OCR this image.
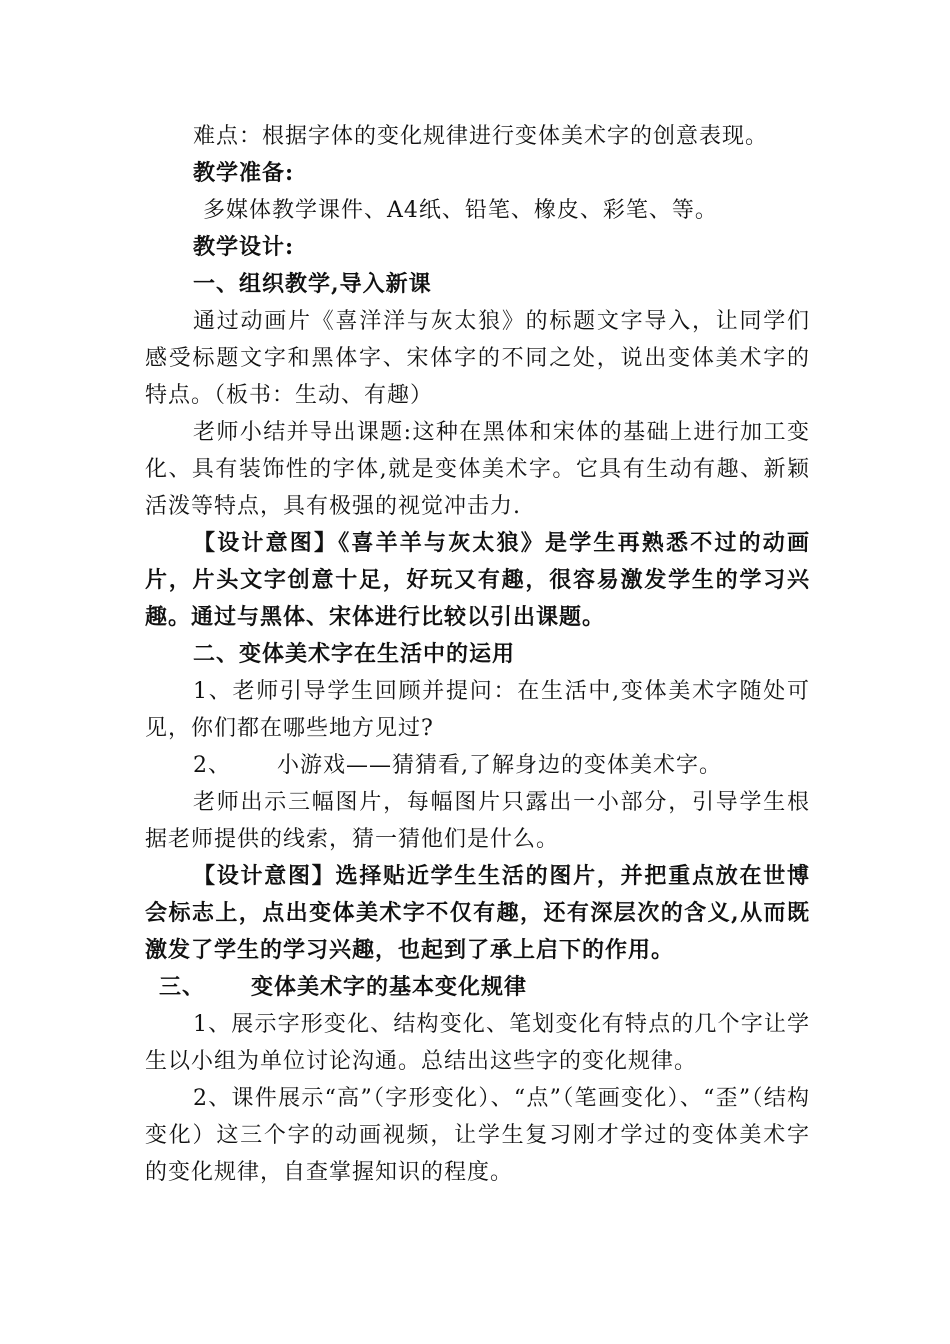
难点：根据字体的变化规律进行变体美术字的创意表现。

教学准备:

多媒体教学课件、A4纸、铅笔、橡皮、彩笔、等。

教学设计:

一、组织教学,导入新课

通过动画片《喜洋洋与灰太狼》的标题文字导入，让同学们感受标题文字和黑体字、宋体字的不同之处，说出变体美术字的特点。（板书：生动、有趣）

老师小结并导出课题:这种在黑体和宋体的基础上进行加工变化、具有装饰性的字体,就是变体美术字。它具有生动有趣、新颖活泼等特点，具有极强的视觉冲击力.

【设计意图】《喜羊羊与灰太狼》是学生再熟悉不过的动画片，片头文字创意十足，好玩又有趣，很容易激发学生的学习兴趣。通过与黑体、宋体进行比较以引出课题。

二、变体美术字在生活中的运用

1、老师引导学生回顾并提问：在生活中,变体美术字随处可见，你们都在哪些地方见过?

2、 小游戏——猜猜看,了解身边的变体美术字。

老师出示三幅图片，每幅图片只露出一小部分，引导学生根据老师提供的线索，猜一猜他们是什么。

【设计意图】选择贴近学生生活的图片，并把重点放在世博会标志上，点出变体美术字不仅有趣，还有深层次的含义,从而既激发了学生的学习兴趣，也起到了承上启下的作用。

三、 变体美术字的基本变化规律

1、展示字形变化、结构变化、笔划变化有特点的几个字让学生以小组为单位讨论沟通。总结出这些字的变化规律。

2、课件展示“高”（字形变化）、“点”（笔画变化）、“歪”（结构变化）这三个字的动画视频，让学生复习刚才学过的变体美术字的变化规律，自查掌握知识的程度。
